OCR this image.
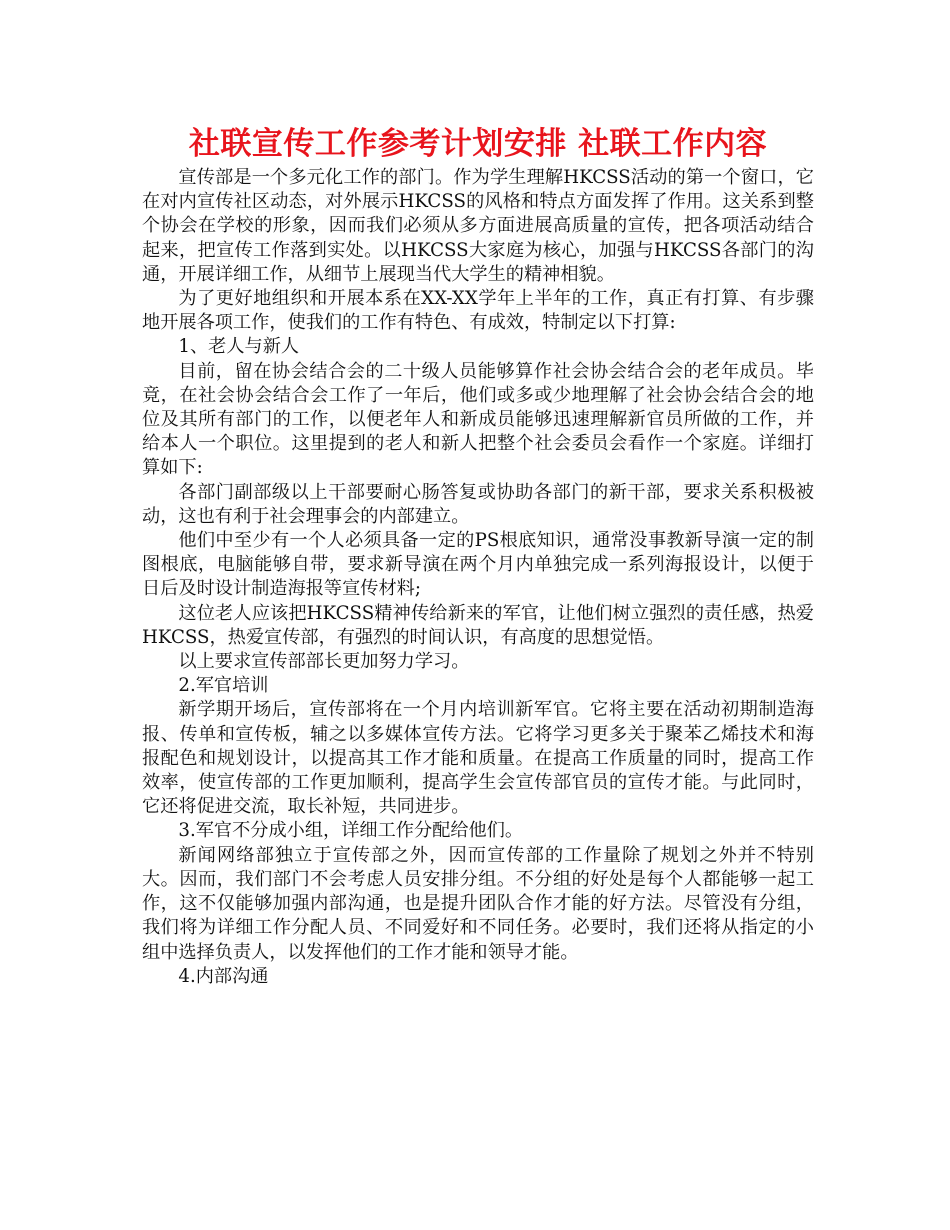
社联宣传工作参考计划安排 社联工作内容

宣传部是一个多元化工作的部门。作为学生理解HKCSS活动的第一个窗口，它在对内宣传社区动态，对外展示HKCSS的风格和特点方面发挥了作用。这关系到整个协会在学校的形象，因而我们必须从多方面进展高质量的宣传，把各项活动结合起来，把宣传工作落到实处。以HKCSS大家庭为核心，加强与HKCSS各部门的沟通，开展详细工作，从细节上展现当代大学生的精神相貌。

为了更好地组织和开展本系在XX-XX学年上半年的工作，真正有打算、有步骤地开展各项工作，使我们的工作有特色、有成效，特制定以下打算:

1、老人与新人

目前，留在协会结合会的二十级人员能够算作社会协会结合会的老年成员。毕竟，在社会协会结合会工作了一年后，他们或多或少地理解了社会协会结合会的地位及其所有部门的工作，以便老年人和新成员能够迅速理解新官员所做的工作，并给本人一个职位。这里提到的老人和新人把整个社会委员会看作一个家庭。详细打算如下:

各部门副部级以上干部要耐心肠答复或协助各部门的新干部，要求关系积极被动，这也有利于社会理事会的内部建立。

他们中至少有一个人必须具备一定的PS根底知识，通常没事教新导演一定的制图根底，电脑能够自带，要求新导演在两个月内单独完成一系列海报设计，以便于日后及时设计制造海报等宣传材料;

这位老人应该把HKCSS精神传给新来的军官，让他们树立强烈的责任感，热爱HKCSS，热爱宣传部，有强烈的时间认识，有高度的思想觉悟。

以上要求宣传部部长更加努力学习。

2.军官培训

新学期开场后，宣传部将在一个月内培训新军官。它将主要在活动初期制造海报、传单和宣传板，辅之以多媒体宣传方法。它将学习更多关于聚苯乙烯技术和海报配色和规划设计，以提高其工作才能和质量。在提高工作质量的同时，提高工作效率，使宣传部的工作更加顺利，提高学生会宣传部官员的宣传才能。与此同时，它还将促进交流，取长补短，共同进步。

3.军官不分成小组，详细工作分配给他们。

新闻网络部独立于宣传部之外，因而宣传部的工作量除了规划之外并不特别大。因而，我们部门不会考虑人员安排分组。不分组的好处是每个人都能够一起工作，这不仅能够加强内部沟通，也是提升团队合作才能的好方法。尽管没有分组，我们将为详细工作分配人员、不同爱好和不同任务。必要时，我们还将从指定的小组中选择负责人，以发挥他们的工作才能和领导才能。

4.内部沟通
